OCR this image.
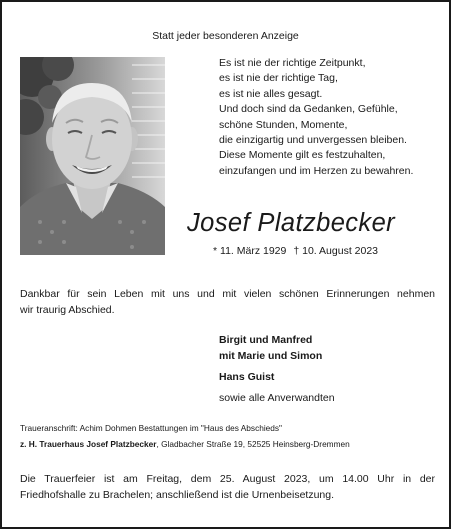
Statt jeder besonderen Anzeige
Es ist nie der richtige Zeitpunkt,
es ist nie der richtige Tag,
es ist nie alles gesagt.
Und doch sind da Gedanken, Gefühle,
schöne Stunden, Momente,
die einzigartig und unvergessen bleiben.
Diese Momente gilt es festzuhalten,
einzufangen und im Herzen zu bewahren.
Josef Platzbecker
* 11. März 1929 † 10. August 2023
Dankbar für sein Leben mit uns und mit vielen schönen Erinnerungen nehmen
wir traurig Abschied.
Birgit und Manfred
mit Marie und Simon
Hans Guist
sowie alle Anverwandten
Traueranschrift: Achim Dohmen Bestattungen im "Haus des Abschieds"
z. H. Trauerhaus Josef Platzbecker, Gladbacher Straße 19, 52525 Heinsberg-Dremmen
Die Trauerfeier ist am Freitag, dem 25. August 2023, um 14.00 Uhr in der
Friedhofshalle zu Brachelen; anschließend ist die Urnenbeisetzung.
